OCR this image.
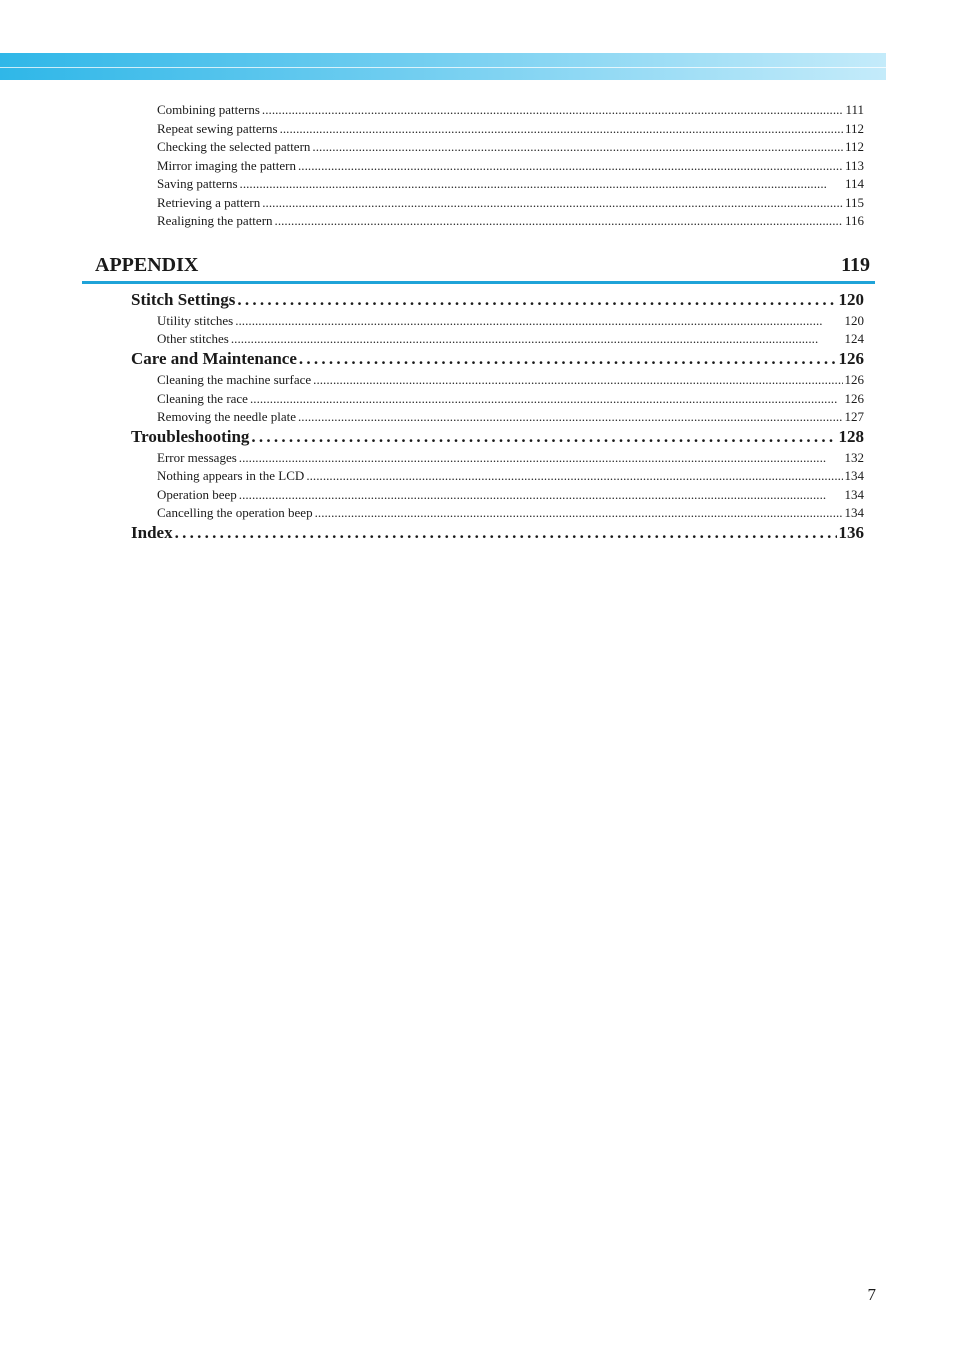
Combining patterns . . .	111
Repeat sewing patterns . . .	112
Checking the selected pattern . . .	112
Mirror imaging the pattern . . .	113
Saving patterns . . .	114
Retrieving a pattern . . .	115
Realigning the pattern . . .	116
APPENDIX	119
Stitch Settings . . .	120
Utility stitches . . .	120
Other stitches . . .	124
Care and Maintenance . . .	126
Cleaning the machine surface . . .	126
Cleaning the race . . .	126
Removing the needle plate . . .	127
Troubleshooting . . .	128
Error messages . . .	132
Nothing appears in the LCD . . .	134
Operation beep . . .	134
Cancelling the operation beep . . .	134
Index . . .	136
7
